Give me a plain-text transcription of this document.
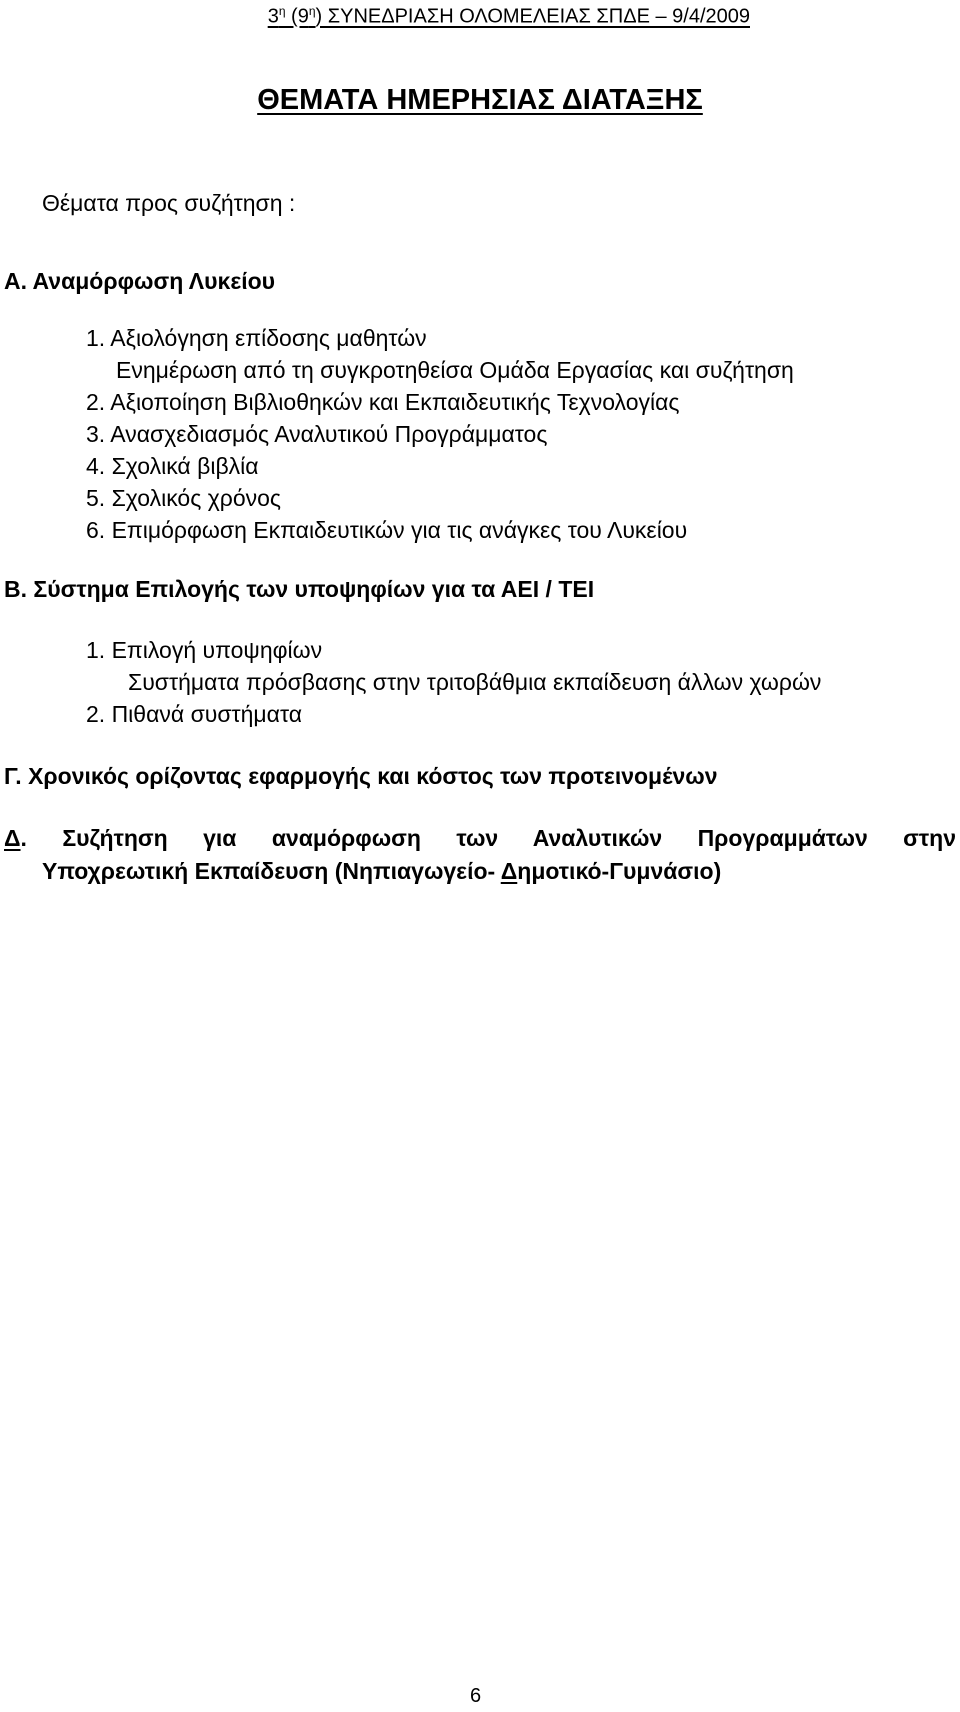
$3^\eta$ $(9^\eta)$ ΣΥΝΕΔΡΙΑΣΗ ΟΛΟΜΕΛΕΙΑΣ ΣΠΔΕ – 9/4/2009
ΘΕΜΑΤΑ ΗΜΕΡΗΣΙΑΣ ΔΙΑΤΑΞΗΣ
Θέματα προς συζήτηση :
Α. Αναμόρφωση Λυκείου
1. Αξιολόγηση επίδοσης μαθητών
Ενημέρωση από τη συγκροτηθείσα Ομάδα Εργασίας και συζήτηση
2. Αξιοποίηση Βιβλιοθηκών και Εκπαιδευτικής Τεχνολογίας
3. Ανασχεδιασμός Αναλυτικού Προγράμματος
4. Σχολικά βιβλία
5. Σχολικός χρόνος
6. Επιμόρφωση Εκπαιδευτικών για τις ανάγκες του Λυκείου
Β. Σύστημα Επιλογής των υποψηφίων για τα ΑΕΙ / ΤΕΙ
1. Επιλογή υποψηφίων
Συστήματα πρόσβασης στην τριτοβάθμια εκπαίδευση άλλων χωρών
2. Πιθανά συστήματα
Γ. Χρονικός ορίζοντας εφαρμογής και κόστος των προτεινομένων
Δ. Συζήτηση για αναμόρφωση των Αναλυτικών Προγραμμάτων στην
Υποχρεωτική Εκπαίδευση (Νηπιαγωγείο- Δημοτικό-Γυμνάσιο)
6
